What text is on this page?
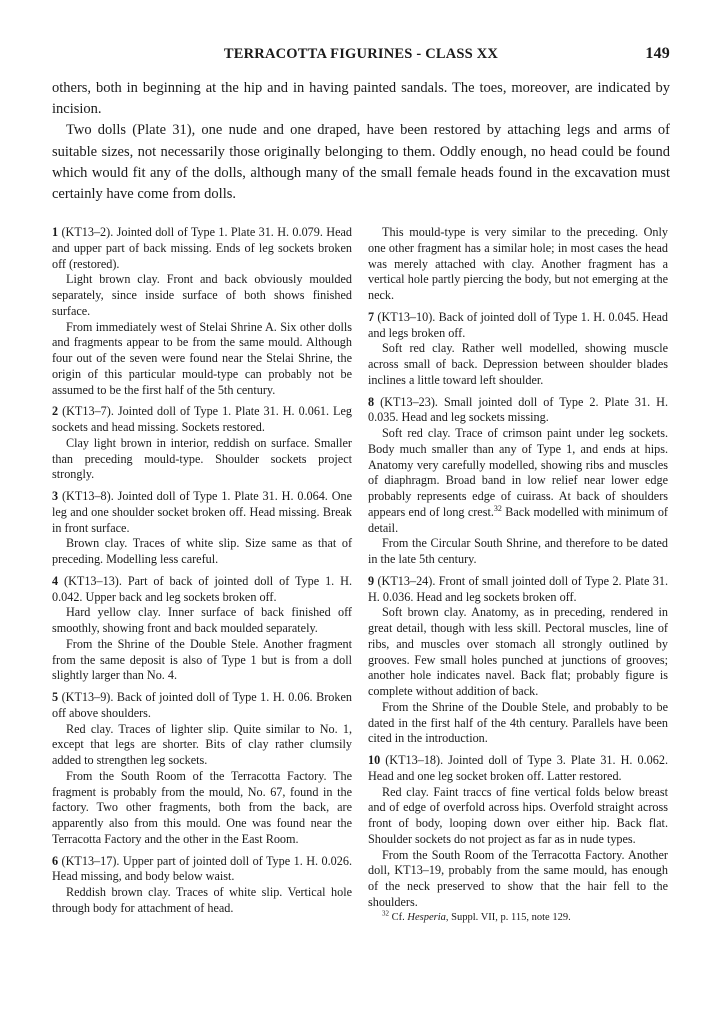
TERRACOTTA FIGURINES - CLASS XX	149

others, both in beginning at the hip and in having painted sandals. The toes, moreover, are indicated by incision.

Two dolls (Plate 31), one nude and one draped, have been restored by attaching legs and arms of suitable sizes, not necessarily those originally belonging to them. Oddly enough, no head could be found which would fit any of the dolls, although many of the small female heads found in the excavation must certainly have come from dolls.

1 (KT13–2). Jointed doll of Type 1. Plate 31. H. 0.079. Head and upper part of back missing. Ends of leg sockets broken off (restored).

Light brown clay. Front and back obviously moulded separately, since inside surface of both shows finished surface.

From immediately west of Stelai Shrine A. Six other dolls and fragments appear to be from the same mould. Although four out of the seven were found near the Stelai Shrine, the origin of this particular mould-type can probably not be assumed to be the first half of the 5th century.

2 (KT13–7). Jointed doll of Type 1. Plate 31. H. 0.061. Leg sockets and head missing. Sockets restored.

Clay light brown in interior, reddish on surface. Smaller than preceding mould-type. Shoulder sockets project strongly.

3 (KT13–8). Jointed doll of Type 1. Plate 31. H. 0.064. One leg and one shoulder socket broken off. Head missing. Break in front surface.

Brown clay. Traces of white slip. Size same as that of preceding. Modelling less careful.

4 (KT13–13). Part of back of jointed doll of Type 1. H. 0.042. Upper back and leg sockets broken off.

Hard yellow clay. Inner surface of back finished off smoothly, showing front and back moulded separately.

From the Shrine of the Double Stele. Another fragment from the same deposit is also of Type 1 but is from a doll slightly larger than No. 4.

5 (KT13–9). Back of jointed doll of Type 1. H. 0.06. Broken off above shoulders.

Red clay. Traces of lighter slip. Quite similar to No. 1, except that legs are shorter. Bits of clay rather clumsily added to strengthen leg sockets.

From the South Room of the Terracotta Factory. The fragment is probably from the mould, No. 67, found in the factory. Two other fragments, both from the back, are apparently also from this mould. One was found near the Terracotta Factory and the other in the East Room.

6 (KT13–17). Upper part of jointed doll of Type 1. H. 0.026. Head missing, and body below waist.

Reddish brown clay. Traces of white slip. Vertical hole through body for attachment of head.

This mould-type is very similar to the preceding. Only one other fragment has a similar hole; in most cases the head was merely attached with clay. Another fragment has a vertical hole partly piercing the body, but not emerging at the neck.

7 (KT13–10). Back of jointed doll of Type 1. H. 0.045. Head and legs broken off.

Soft red clay. Rather well modelled, showing muscle across small of back. Depression between shoulder blades inclines a little toward left shoulder.

8 (KT13–23). Small jointed doll of Type 2. Plate 31. H. 0.035. Head and leg sockets missing.

Soft red clay. Trace of crimson paint under leg sockets. Body much smaller than any of Type 1, and ends at hips. Anatomy very carefully modelled, showing ribs and muscles of diaphragm. Broad band in low relief near lower edge probably represents edge of cuirass. At back of shoulders appears end of long crest.$^{32}$ Back modelled with minimum of detail.

From the Circular South Shrine, and therefore to be dated in the late 5th century.

9 (KT13–24). Front of small jointed doll of Type 2. Plate 31. H. 0.036. Head and leg sockets broken off.

Soft brown clay. Anatomy, as in preceding, rendered in great detail, though with less skill. Pectoral muscles, line of ribs, and muscles over stomach all strongly outlined by grooves. Few small holes punched at junctions of grooves; another hole indicates navel. Back flat; probably figure is complete without addition of back.

From the Shrine of the Double Stele, and probably to be dated in the first half of the 4th century. Parallels have been cited in the introduction.

10 (KT13–18). Jointed doll of Type 3. Plate 31. H. 0.062. Head and one leg socket broken off. Latter restored.

Red clay. Faint traccs of fine vertical folds below breast and of edge of overfold across hips. Overfold straight across front of body, looping down over either hip. Back flat. Shoulder sockets do not project as far as in nude types.

From the South Room of the Terracotta Factory. Another doll, KT13–19, probably from the same mould, has enough of the neck preserved to show that the hair fell to the shoulders.

$^{32}$ Cf. Hesperia, Suppl. VII, p. 115, note 129.
